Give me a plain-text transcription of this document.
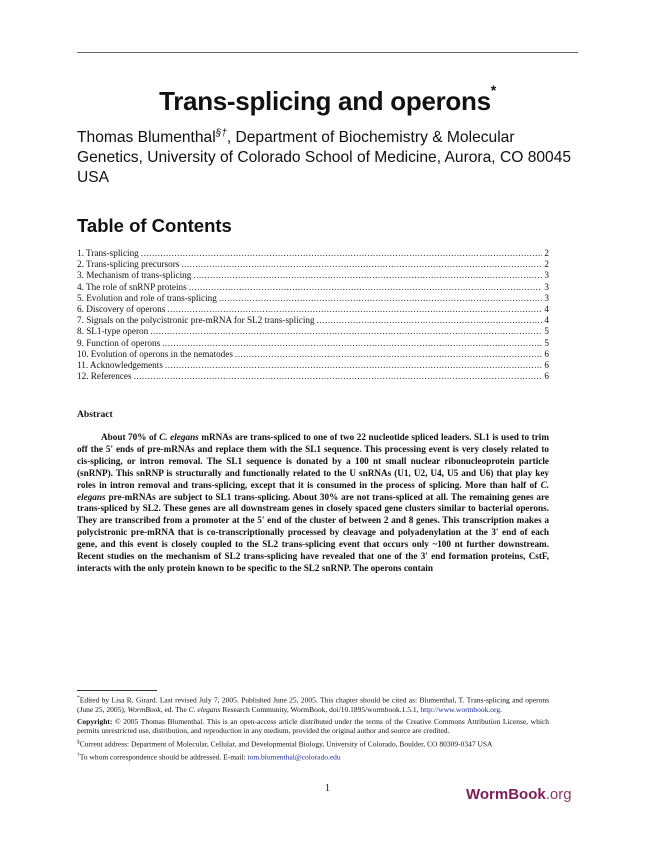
Trans-splicing and operons*
Thomas Blumenthal§†, Department of Biochemistry & Molecular Genetics, University of Colorado School of Medicine, Aurora, CO 80045 USA
Table of Contents
1. Trans-splicing .....	2
2. Trans-splicing precursors .....	2
3. Mechanism of trans-splicing .....	3
4. The role of snRNP proteins .....	3
5. Evolution and role of trans-splicing .....	3
6. Discovery of operons .....	4
7. Signals on the polycistronic pre-mRNA for SL2 trans-splicing .....	4
8. SL1-type operon .....	5
9. Function of operons .....	5
10. Evolution of operons in the nematodes .....	6
11. Acknowledgements .....	6
12. References .....	6
Abstract

About 70% of C. elegans mRNAs are trans-spliced to one of two 22 nucleotide spliced leaders. SL1 is used to trim off the 5' ends of pre-mRNAs and replace them with the SL1 sequence. This processing event is very closely related to cis-splicing, or intron removal. The SL1 sequence is donated by a 100 nt small nuclear ribonucleoprotein particle (snRNP). This snRNP is structurally and functionally related to the U snRNAs (U1, U2, U4, U5 and U6) that play key roles in intron removal and trans-splicing, except that it is consumed in the process of splicing. More than half of C. elegans pre-mRNAs are subject to SL1 trans-splicing. About 30% are not trans-spliced at all. The remaining genes are trans-spliced by SL2. These genes are all downstream genes in closely spaced gene clusters similar to bacterial operons. They are transcribed from a promoter at the 5' end of the cluster of between 2 and 8 genes. This transcription makes a polycistronic pre-mRNA that is co-transcriptionally processed by cleavage and polyadenylation at the 3' end of each gene, and this event is closely coupled to the SL2 trans-splicing event that occurs only ~100 nt further downstream. Recent studies on the mechanism of SL2 trans-splicing have revealed that one of the 3' end formation proteins, CstF, interacts with the only protein known to be specific to the SL2 snRNP. The operons contain

*Edited by Lisa R. Girard. Last revised July 7, 2005. Published June 25, 2005. This chapter should be cited as: Blumenthal, T. Trans-splicing and operons (June 25, 2005), WormBook, ed. The C. elegans Research Community, WormBook, doi/10.1895/wormbook.1.5.1, http://www.wormbook.org.

Copyright: © 2005 Thomas Blumenthal. This is an open-access article distributed under the terms of the Creative Commons Attribution License, which permits unrestricted use, distribution, and reproduction in any medium, provided the original author and source are credited.

§Current address: Department of Molecular, Cellular, and Developmental Biology, University of Colorado, Boulder, CO 80309-0347 USA

†To whom correspondence should be addressed. E-mail: tom.blumenthal@colorado.edu

1	WormBook.org
